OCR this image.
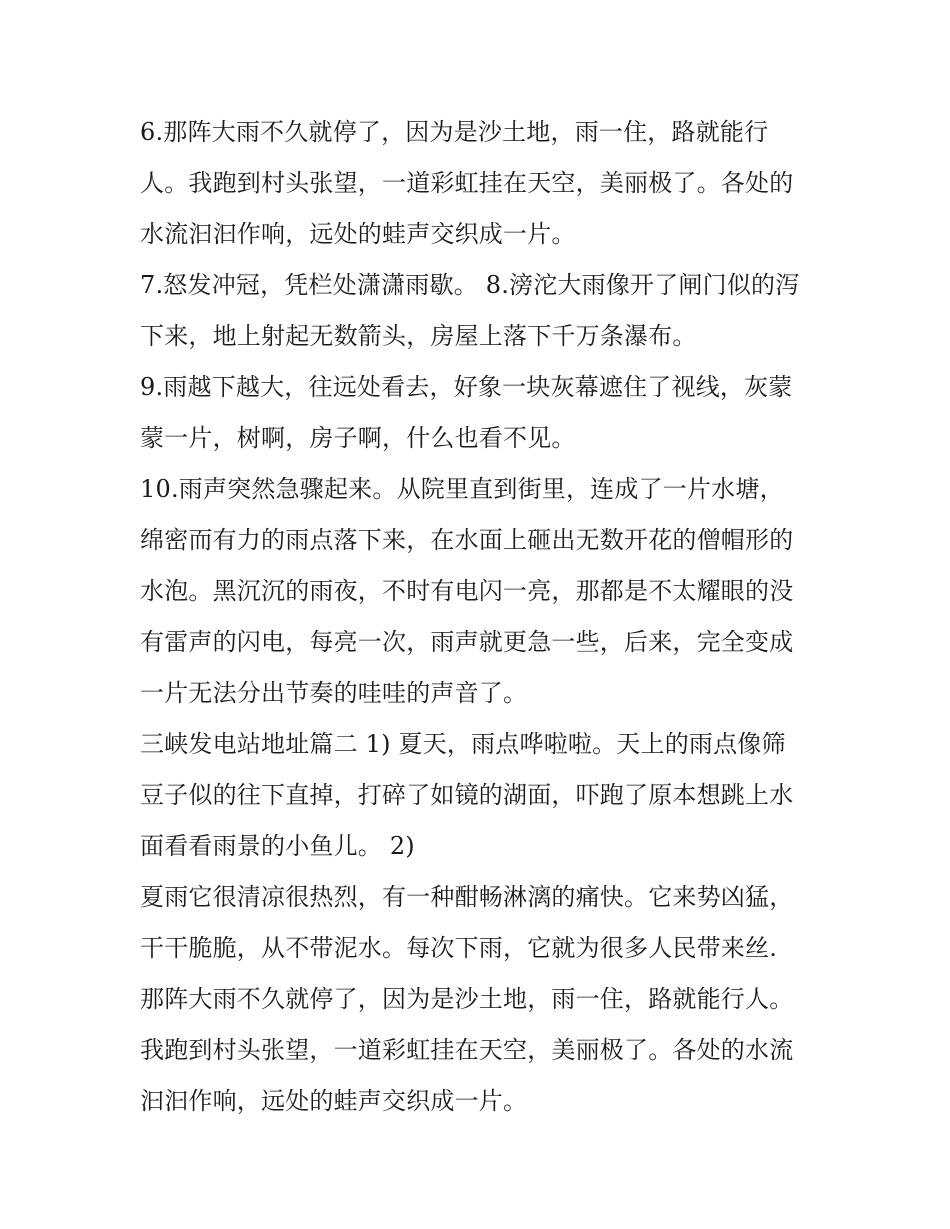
6.那阵大雨不久就停了，因为是沙土地，雨一住，路就能行
人。我跑到村头张望，一道彩虹挂在天空，美丽极了。各处的
水流汩汩作响，远处的蛙声交织成一片。
7.怒发冲冠，凭栏处潇潇雨歇。 8.滂沱大雨像开了闸门似的泻
下来，地上射起无数箭头，房屋上落下千万条瀑布。
9.雨越下越大，往远处看去，好象一块灰幕遮住了视线，灰蒙
蒙一片，树啊，房子啊，什么也看不见。
10.雨声突然急骤起来。从院里直到街里，连成了一片水塘，
绵密而有力的雨点落下来，在水面上砸出无数开花的僧帽形的
水泡。黑沉沉的雨夜，不时有电闪一亮，那都是不太耀眼的没
有雷声的闪电，每亮一次，雨声就更急一些，后来，完全变成
一片无法分出节奏的哇哇的声音了。
三峡发电站地址篇二 1) 夏天，雨点哗啦啦。天上的雨点像筛
豆子似的往下直掉，打碎了如镜的湖面，吓跑了原本想跳上水
面看看雨景的小鱼儿。 2)
夏雨它很清凉很热烈，有一种酣畅淋漓的痛快。它来势凶猛，
干干脆脆，从不带泥水。每次下雨，它就为很多人民带来丝.
那阵大雨不久就停了，因为是沙土地，雨一住，路就能行人。
我跑到村头张望，一道彩虹挂在天空，美丽极了。各处的水流
汩汩作响，远处的蛙声交织成一片。
